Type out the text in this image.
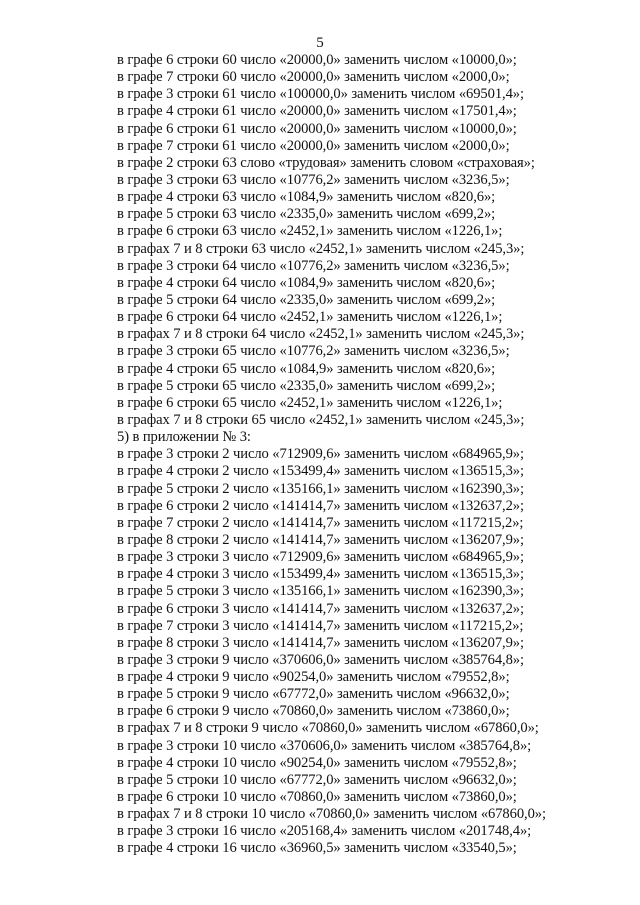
5
в графе 6 строки 60 число «20000,0» заменить числом «10000,0»;
в графе 7 строки 60 число «20000,0» заменить числом «2000,0»;
в графе 3 строки 61 число «100000,0» заменить числом «69501,4»;
в графе 4 строки 61 число «20000,0» заменить числом «17501,4»;
в графе 6 строки 61 число «20000,0» заменить числом «10000,0»;
в графе 7 строки 61 число «20000,0» заменить числом «2000,0»;
в графе 2 строки 63 слово «трудовая» заменить словом «страховая»;
в графе 3 строки 63 число «10776,2» заменить числом «3236,5»;
в графе 4 строки 63 число «1084,9» заменить числом «820,6»;
в графе 5 строки 63 число «2335,0» заменить числом «699,2»;
в графе 6 строки 63 число «2452,1» заменить числом «1226,1»;
в графах 7 и 8 строки 63 число «2452,1» заменить числом «245,3»;
в графе 3 строки 64 число «10776,2» заменить числом «3236,5»;
в графе 4 строки 64 число «1084,9» заменить числом «820,6»;
в графе 5 строки 64 число «2335,0» заменить числом «699,2»;
в графе 6 строки 64 число «2452,1» заменить числом «1226,1»;
в графах 7 и 8 строки 64 число «2452,1» заменить числом «245,3»;
в графе 3 строки 65 число «10776,2» заменить числом «3236,5»;
в графе 4 строки 65 число «1084,9» заменить числом «820,6»;
в графе 5 строки 65 число «2335,0» заменить числом «699,2»;
в графе 6 строки 65 число «2452,1» заменить числом «1226,1»;
в графах 7 и 8 строки 65 число «2452,1» заменить числом «245,3»;
5) в приложении № 3:
в графе 3 строки 2 число «712909,6» заменить числом «684965,9»;
в графе 4 строки 2 число «153499,4» заменить числом «136515,3»;
в графе 5 строки 2 число «135166,1» заменить числом «162390,3»;
в графе 6 строки 2 число «141414,7» заменить числом «132637,2»;
в графе 7 строки 2 число «141414,7» заменить числом «117215,2»;
в графе 8 строки 2 число «141414,7» заменить числом «136207,9»;
в графе 3 строки 3 число «712909,6» заменить числом «684965,9»;
в графе 4 строки 3 число «153499,4» заменить числом «136515,3»;
в графе 5 строки 3 число «135166,1» заменить числом «162390,3»;
в графе 6 строки 3 число «141414,7» заменить числом «132637,2»;
в графе 7 строки 3 число «141414,7» заменить числом «117215,2»;
в графе 8 строки 3 число «141414,7» заменить числом «136207,9»;
в графе 3 строки 9 число «370606,0» заменить числом «385764,8»;
в графе 4 строки 9 число «90254,0» заменить числом «79552,8»;
в графе 5 строки 9 число «67772,0» заменить числом «96632,0»;
в графе 6 строки 9 число «70860,0» заменить числом «73860,0»;
в графах 7 и 8 строки 9 число «70860,0» заменить числом «67860,0»;
в графе 3 строки 10 число «370606,0» заменить числом «385764,8»;
в графе 4 строки 10 число «90254,0» заменить числом «79552,8»;
в графе 5 строки 10 число «67772,0» заменить числом «96632,0»;
в графе 6 строки 10 число «70860,0» заменить числом «73860,0»;
в графах 7 и 8 строки 10 число «70860,0» заменить числом «67860,0»;
в графе 3 строки 16 число «205168,4» заменить числом «201748,4»;
в графе 4 строки 16 число «36960,5» заменить числом «33540,5»;
